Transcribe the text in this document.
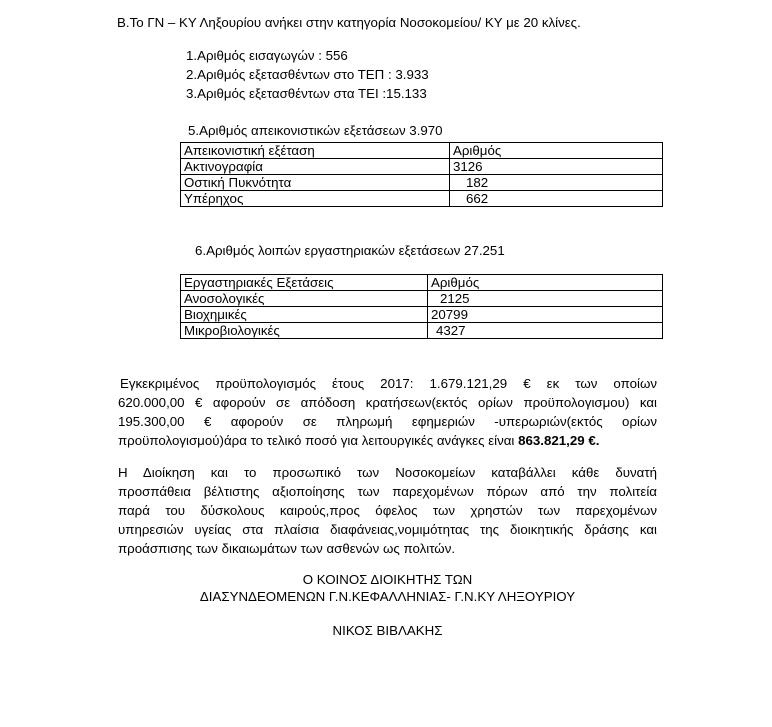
Β.Το ΓΝ – ΚΥ Ληξουρίου ανήκει στην κατηγορία Νοσοκομείου/ ΚΥ με 20 κλίνες.
1.Αριθμός εισαγωγών : 556
2.Αριθμός εξετασθέντων στο ΤΕΠ : 3.933
3.Αριθμός εξετασθέντων στα ΤΕΙ :15.133
5.Αριθμός απεικονιστικών εξετάσεων 3.970
Απεικονιστική εξέταση	Αριθμός
Ακτινογραφία	3126
Οστική Πυκνότητα	182
Υπέρηχος	662
6.Αριθμός λοιπών εργαστηριακών εξετάσεων 27.251
Εργαστηριακές Εξετάσεις	Αριθμός
Ανοσολογικές	2125
Βιοχημικές	20799
Μικροβιολογικές	4327
Εγκεκριμένος προϋπολογισμός έτους 2017: 1.679.121,29 € εκ των οποίων
620.000,00 € αφορούν σε απόδοση κρατήσεων(εκτός ορίων προϋπολογισμου) και
195.300,00 € αφορούν σε πληρωμή εφημεριών -υπερωριών(εκτός ορίων
προϋπολογισμού)άρα το τελικό ποσό για λειτουργικές ανάγκες είναι 863.821,29 €.
Η Διοίκηση και το προσωπικό των Νοσοκομείων καταβάλλει κάθε δυνατή
προσπάθεια βέλτιστης αξιοποίησης των παρεχομένων πόρων από την πολιτεία
παρά του δύσκολους καιρούς,προς όφελος των χρηστών των παρεχομένων
υπηρεσιών υγείας στα πλαίσια διαφάνειας,νομιμότητας της διοικητικής δράσης και
προάσπισης των δικαιωμάτων των ασθενών ως πολιτών.
Ο ΚΟΙΝΟΣ ΔΙΟΙΚΗΤΗΣ ΤΩΝ
ΔΙΑΣΥΝΔΕΟΜΕΝΩΝ Γ.Ν.ΚΕΦΑΛΛΗΝΙΑΣ- Γ.Ν.ΚΥ ΛΗΞΟΥΡΙΟΥ
ΝΙΚΟΣ ΒΙΒΛΑΚΗΣ
